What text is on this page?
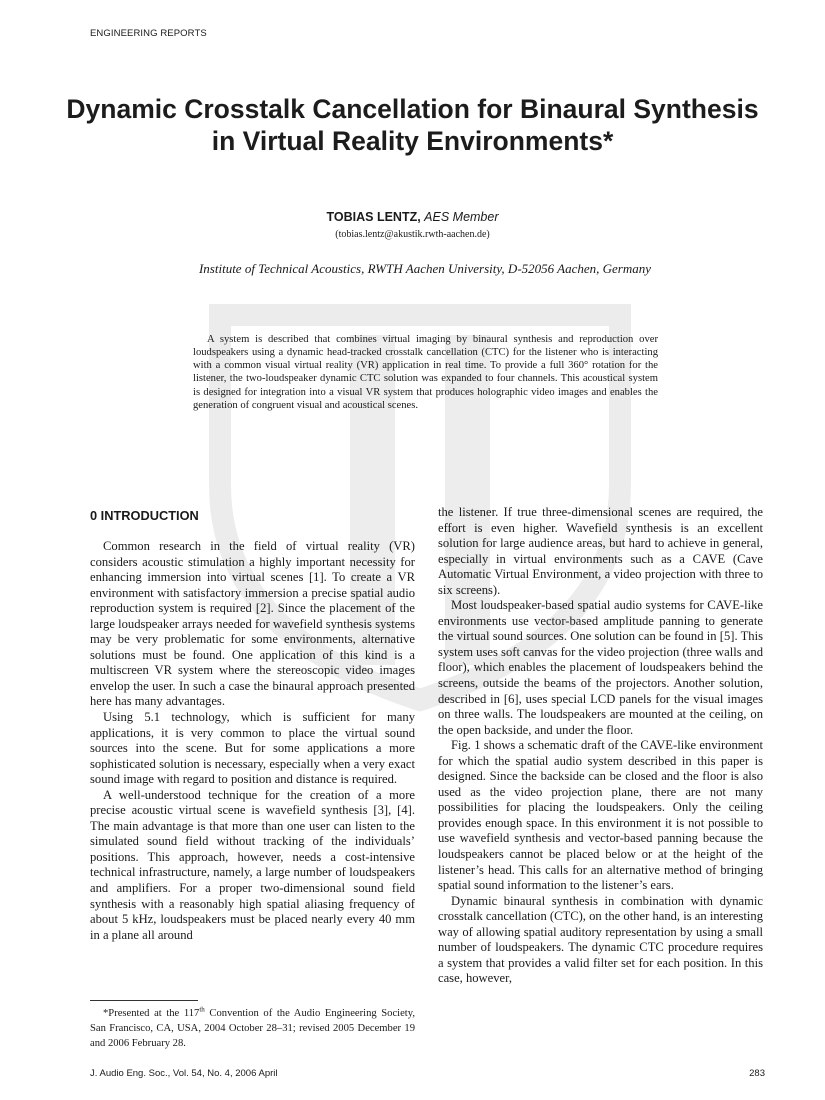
ENGINEERING REPORTS
Dynamic Crosstalk Cancellation for Binaural Synthesis in Virtual Reality Environments*
TOBIAS LENTZ, AES Member
(tobias.lentz@akustik.rwth-aachen.de)
Institute of Technical Acoustics, RWTH Aachen University, D-52056 Aachen, Germany

A system is described that combines virtual imaging by binaural synthesis and reproduction over loudspeakers using a dynamic head-tracked crosstalk cancellation (CTC) for the listener who is interacting with a common visual virtual reality (VR) application in real time. To provide a full 360° rotation for the listener, the two-loudspeaker dynamic CTC solution was expanded to four channels. This acoustical system is designed for integration into a visual VR system that produces holographic video images and enables the generation of congruent visual and acoustical scenes.

0 INTRODUCTION

Common research in the field of virtual reality (VR) considers acoustic stimulation a highly important necessity for enhancing immersion into virtual scenes [1]. To create a VR environment with satisfactory immersion a precise spatial audio reproduction system is required [2]. Since the placement of the large loudspeaker arrays needed for wavefield synthesis systems may be very problematic for some environments, alternative solutions must be found. One application of this kind is a multiscreen VR system where the stereoscopic video images envelop the user. In such a case the binaural approach presented here has many advantages.

Using 5.1 technology, which is sufficient for many applications, it is very common to place the virtual sound sources into the scene. But for some applications a more sophisticated solution is necessary, especially when a very exact sound image with regard to position and distance is required.

A well-understood technique for the creation of a more precise acoustic virtual scene is wavefield synthesis [3], [4]. The main advantage is that more than one user can listen to the simulated sound field without tracking of the individuals’ positions. This approach, however, needs a cost-intensive technical infrastructure, namely, a large number of loudspeakers and amplifiers. For a proper two-dimensional sound field synthesis with a reasonably high spatial aliasing frequency of about 5 kHz, loudspeakers must be placed nearly every 40 mm in a plane all around

the listener. If true three-dimensional scenes are required, the effort is even higher. Wavefield synthesis is an excellent solution for large audience areas, but hard to achieve in general, especially in virtual environments such as a CAVE (Cave Automatic Virtual Environment, a video projection with three to six screens).

Most loudspeaker-based spatial audio systems for CAVE-like environments use vector-based amplitude panning to generate the virtual sound sources. One solution can be found in [5]. This system uses soft canvas for the video projection (three walls and floor), which enables the placement of loudspeakers behind the screens, outside the beams of the projectors. Another solution, described in [6], uses special LCD panels for the visual images on three walls. The loudspeakers are mounted at the ceiling, on the open backside, and under the floor.

Fig. 1 shows a schematic draft of the CAVE-like environment for which the spatial audio system described in this paper is designed. Since the backside can be closed and the floor is also used as the video projection plane, there are not many possibilities for placing the loudspeakers. Only the ceiling provides enough space. In this environment it is not possible to use wavefield synthesis and vector-based panning because the loudspeakers cannot be placed below or at the height of the listener’s head. This calls for an alternative method of bringing spatial sound information to the listener’s ears.

Dynamic binaural synthesis in combination with dynamic crosstalk cancellation (CTC), on the other hand, is an interesting way of allowing spatial auditory representation by using a small number of loudspeakers. The dynamic CTC procedure requires a system that provides a valid filter set for each position. In this case, however,

*Presented at the 117th Convention of the Audio Engineering Society, San Francisco, CA, USA, 2004 October 28–31; revised 2005 December 19 and 2006 February 28.

J. Audio Eng. Soc., Vol. 54, No. 4, 2006 April	283
